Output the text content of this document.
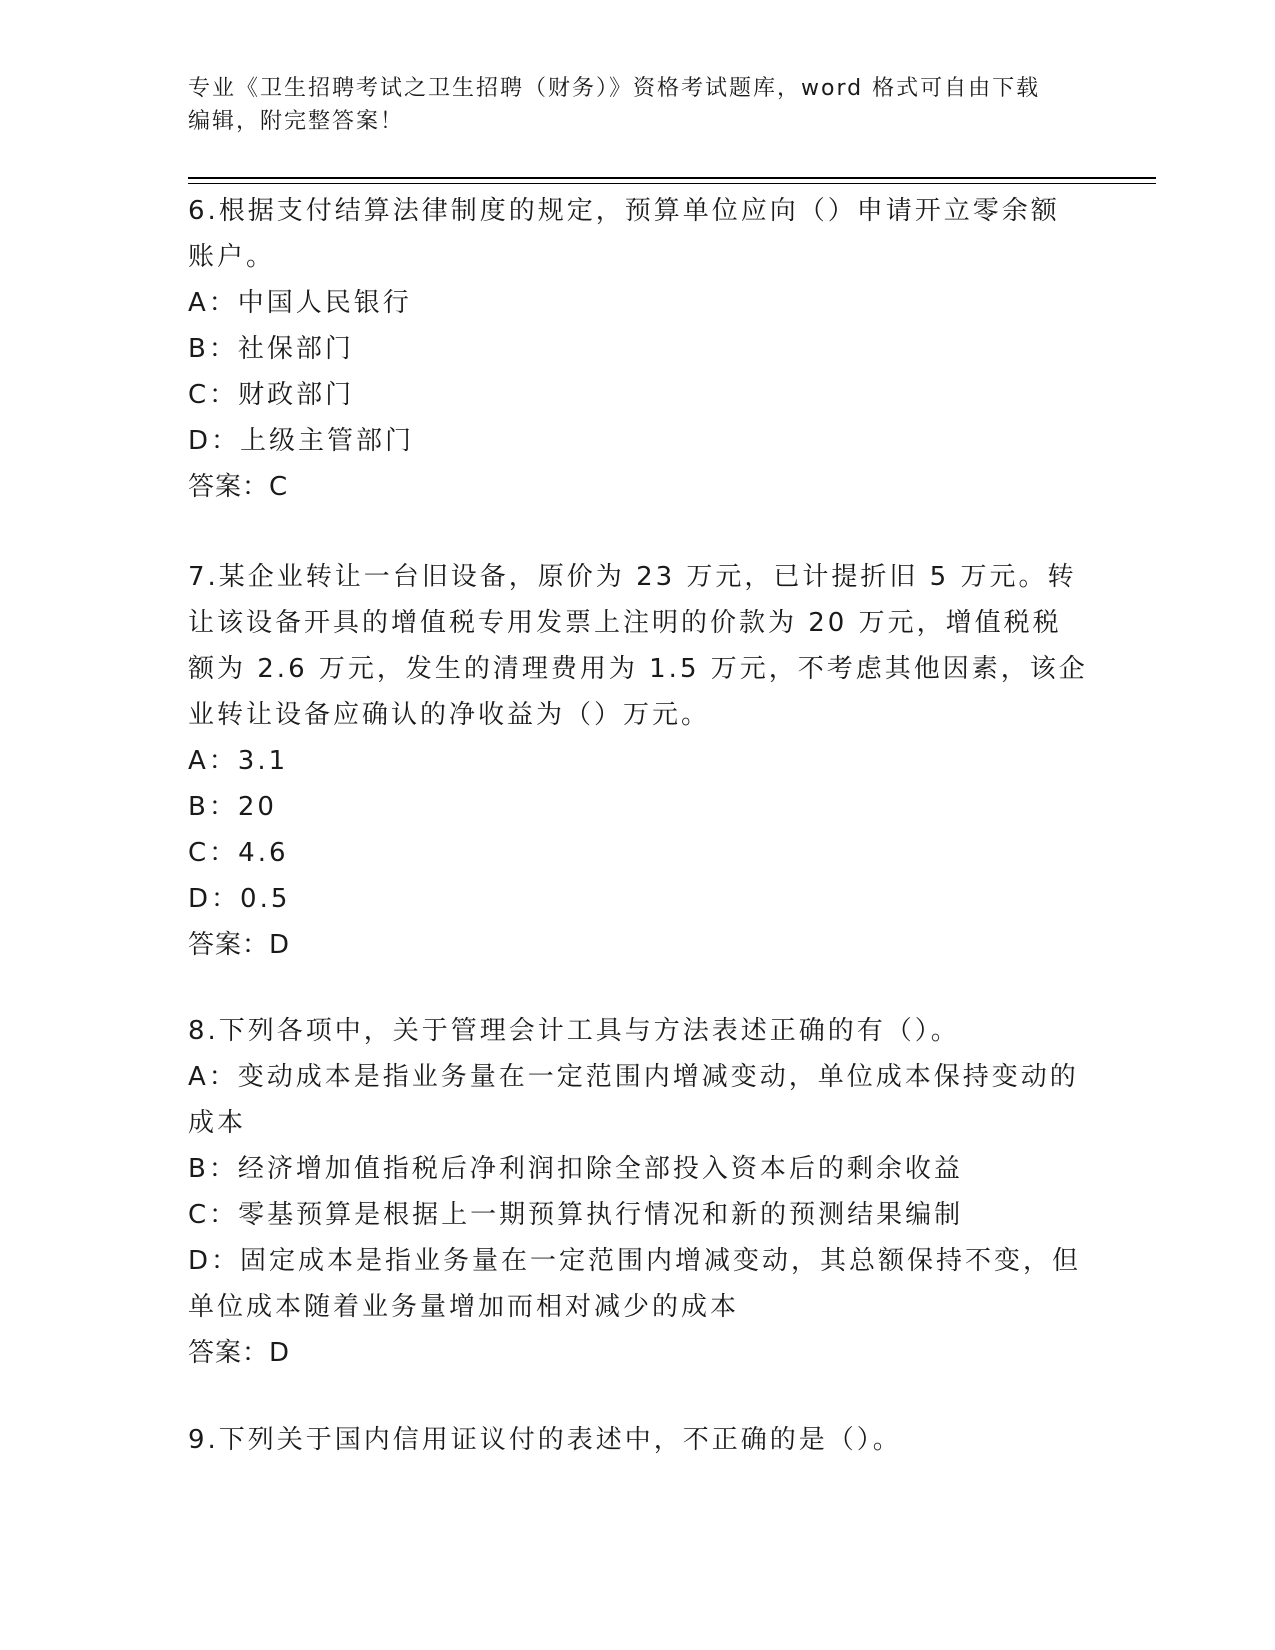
专业《卫生招聘考试之卫生招聘（财务）》资格考试题库，word 格式可自由下载
编辑，附完整答案！
6.根据支付结算法律制度的规定，预算单位应向（）申请开立零余额账户。
A：中国人民银行
B：社保部门
C：财政部门
D：上级主管部门
答案：C
7.某企业转让一台旧设备，原价为 23 万元，已计提折旧 5 万元。转让该设备开具的增值税专用发票上注明的价款为 20 万元，增值税税额为 2.6 万元，发生的清理费用为 1.5 万元，不考虑其他因素，该企业转让设备应确认的净收益为（）万元。
A：3.1
B：20
C：4.6
D：0.5
答案：D
8.下列各项中，关于管理会计工具与方法表述正确的有（）。
A：变动成本是指业务量在一定范围内增减变动，单位成本保持变动的成本
B：经济增加值指税后净利润扣除全部投入资本后的剩余收益
C：零基预算是根据上一期预算执行情况和新的预测结果编制
D：固定成本是指业务量在一定范围内增减变动，其总额保持不变，但单位成本随着业务量增加而相对减少的成本
答案：D
9.下列关于国内信用证议付的表述中，不正确的是（）。
